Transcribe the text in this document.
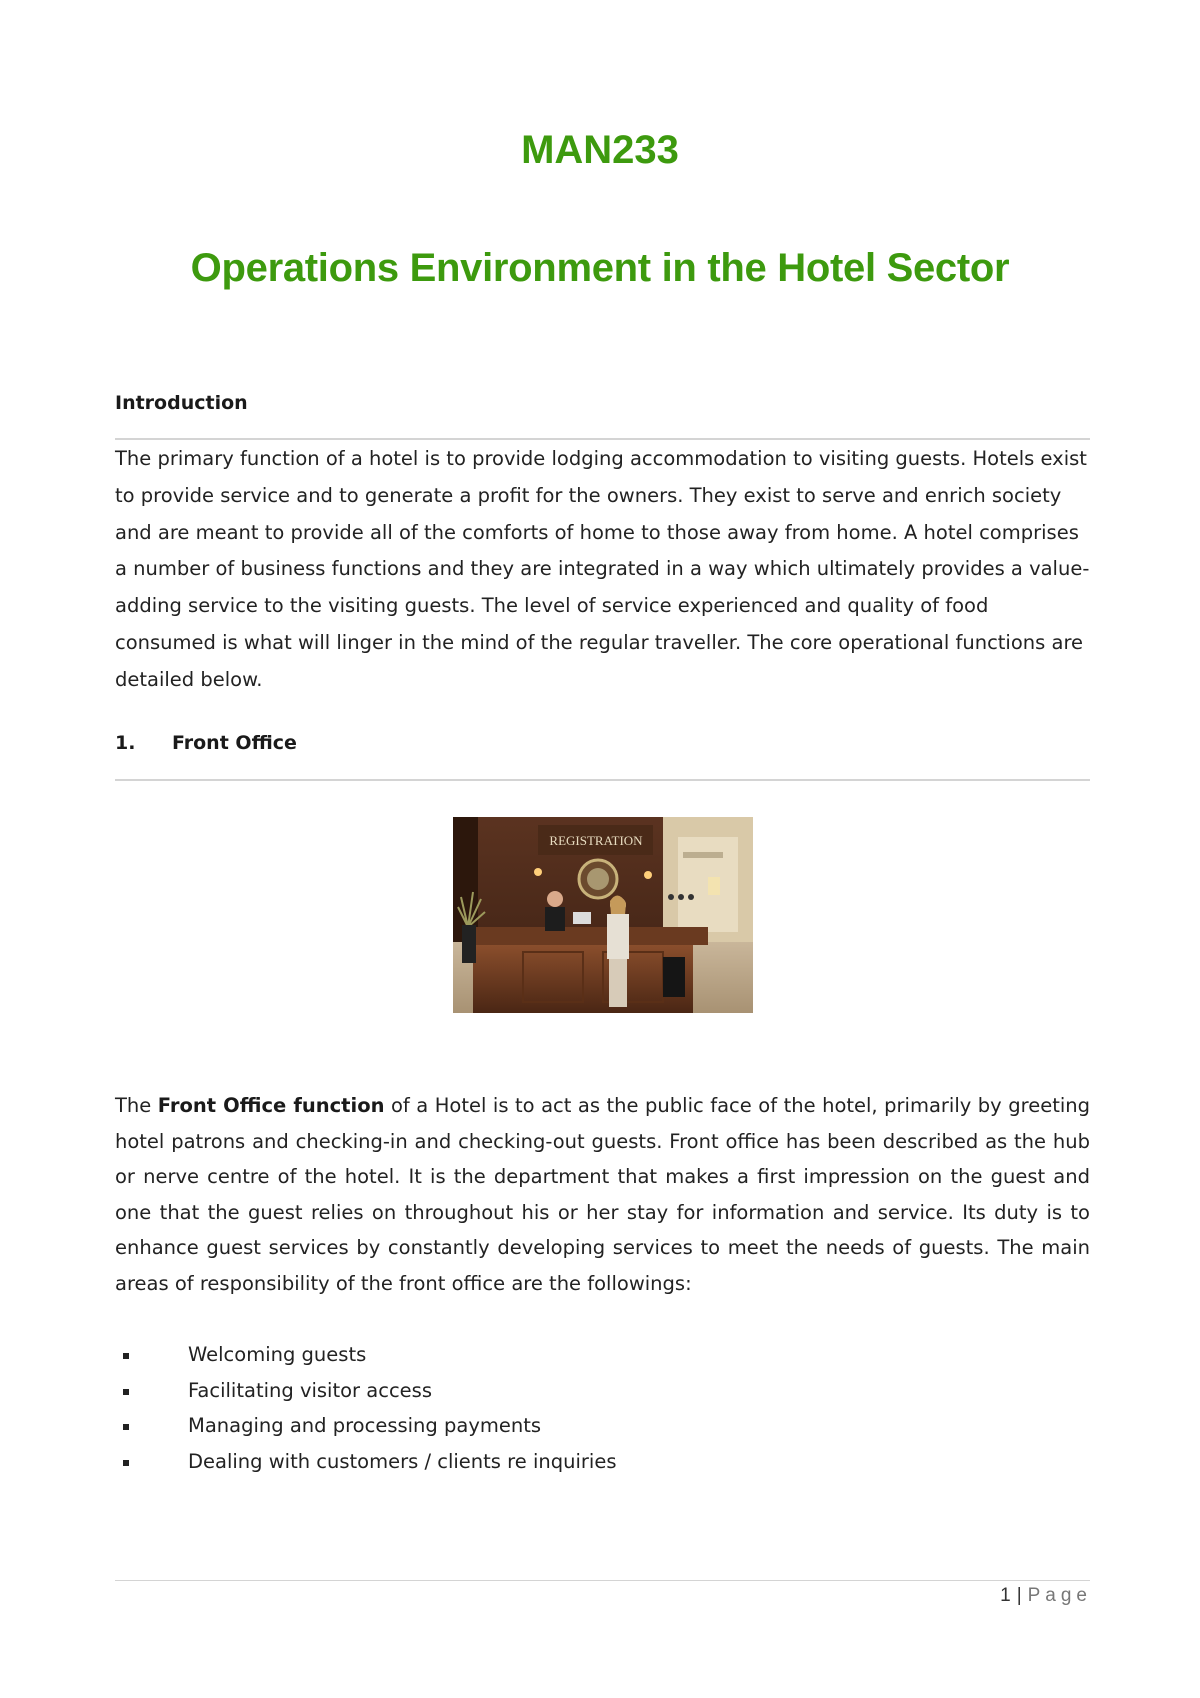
MAN233
Operations Environment in the Hotel Sector
Introduction

The primary function of a hotel is to provide lodging accommodation to visiting guests. Hotels exist to provide service and to generate a profit for the owners. They exist to serve and enrich society and are meant to provide all of the comforts of home to those away from home. A hotel comprises a number of business functions and they are integrated in a way which ultimately provides a value-adding service to the visiting guests. The level of service experienced and quality of food consumed is what will linger in the mind of the regular traveller. The core operational functions are detailed below.

1. Front Office
REGISTRATION

The Front Office function of a Hotel is to act as the public face of the hotel, primarily by greeting hotel patrons and checking-in and checking-out guests. Front office has been described as the hub or nerve centre of the hotel. It is the department that makes a first impression on the guest and one that the guest relies on throughout his or her stay for information and service. Its duty is to enhance guest services by constantly developing services to meet the needs of guests. The main areas of responsibility of the front office are the followings:

Welcoming guests
Facilitating visitor access
Managing and processing payments
Dealing with customers / clients re inquiries

1 | Page
